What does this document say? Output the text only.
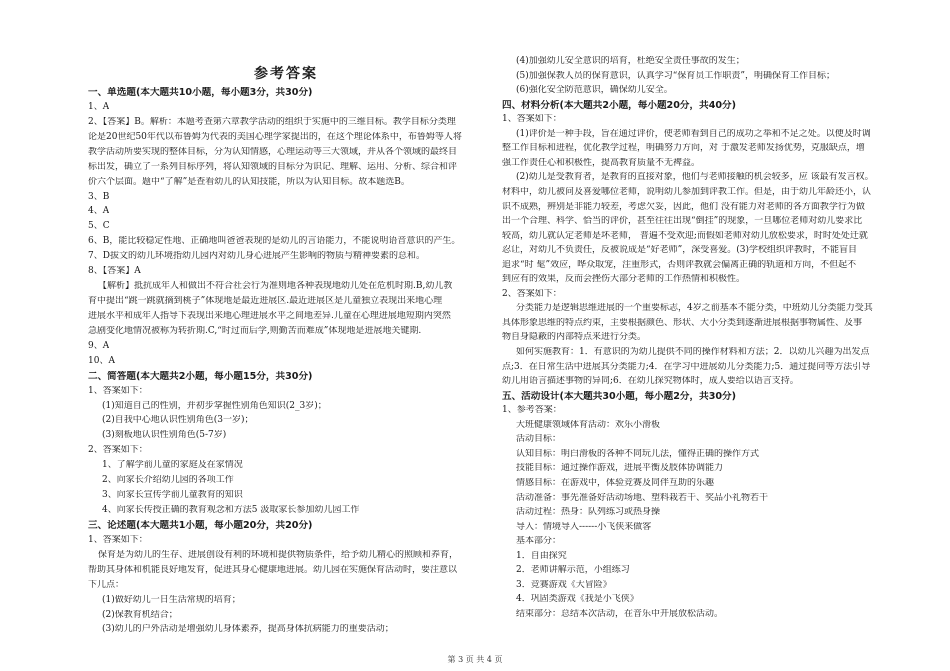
参考答案
一、单选题(本大题共10小题，每小题3分，共30分)
1、A
2、【答案】B。解析：本题考查第六章教学活动的组织于实施中的三维目标。教学目标分类理
论是20世纪50年代以布鲁姆为代表的美国心理学家提出的，在这个理论体系中，布鲁姆等人将
教学活动所要实现的整体目标，分为认知情感，心理运动等三大领域，并从各个领域的最终目
标出发，确立了一系列目标序列，将认知领域的目标分为识记、理解、运用、分析、综合和评
价六个层面。题中“了解”是查看幼儿的认知技能，所以为认知目标。故本题选B。
3、B
4、A
5、C
6、B，能比较稳定性地、正确地叫爸爸表现的是幼儿的言语能力，不能说明语音意识的产生。
7、D拔文的幼儿环境指幼儿园内对幼儿身心进展产生影响的物质与精神要素的总和。
8、【答案】A
【解析】抵抗成年人和做出不符合社会行为准则地各种表现地幼儿处在危机时期.B,幼儿教
育中提出“跳一跳就摘到桃子”体现地是最近进展区.最近进展区是儿童独立表现出来地心理
进展水平和成年人指导下表现出来地心理进展水平之间地差异.儿童在心理进展地短期内突然
急剧变化地情况被称为转折期.C,“时过而后学,则勤苦而难成”体现地是进展地关键期.
9、A
10、A
二、简答题(本大题共2小题，每小题15分，共30分)
1、答案如下：
(1)知道自己的性别，并初步掌握性别角色知识(2_3岁)；
(2)自我中心地认识性别角色(3一岁)；
(3)刻板地认识性别角色(5-7岁)
2、答案如下：
1、了解学前儿童的家庭及在家情况
2、向家长介绍幼儿园的各项工作
3、向家长宣传学前儿童教育的知识
4、向家长传授正确的教育观念和方法5 汲取家长参加幼儿园工作
三、论述题(本大题共1小题，每小题20分，共20分)
1、答案如下：
保育是为幼儿的生存、进展创设有利的环境和提供物质条件，给予幼儿精心的照顾和养育，
帮助其身体和机能良好地发育，促进其身心健康地进展。幼儿园在实施保育活动时，要注意以
下几点：
(1)做好幼儿一日生活常规的培育；
(2)保教育机结合；
(3)幼儿的户外活动是增强幼儿身体素养，提高身体抗病能力的重要活动；
(4)加强幼儿安全意识的培育，杜绝安全责任事故的发生；
(5)加强保教人员的保育意识，认真学习“保育员工作职责”，明确保育工作目标；
(6)强化安全防范意识，确保幼儿安全。
四、材料分析(本大题共2小题，每小题20分，共40分)
1、答案如下：
(1)评价是一种手段，旨在通过评价，使老师看到自己的成功之举和不足之处。以便及时调
整工作目标和进程，优化教学过程，明确努力方向，对 于激发老师发扬优势，克服缺点，增
强工作责任心和积极性，提高教育质量不无裨益。
(2)幼儿是受教育者，是教育的直接对象，他们与老师接触的机会较多，应 该最有发言权。
材料中，幼儿被问及喜爱哪位老师，说明幼儿参加到评教工作。但是，由于幼儿年龄还小，认
识不成熟，辨别是非能力较差，考虑欠妥，因此，他们 没有能力对老师的各方面教学行为做
出一个合理、科学、恰当的评价，甚至往往出现“倒挂”的现象，一旦哪位老师对幼儿要求比
较高，幼儿就认定老师是坏老师， 普遍不受欢迎;而假如老师对幼儿放松要求，时时处处迁就
忍让，对幼儿不负责任，反被说成是“好老师”，深受喜爱。(3)学校组织评教时，不能盲目
追求“时 髦”效应，哗众取宠，注重形式，否则评教就会偏离正确的轨道和方向，不但起不
到应有的效果，反而会挫伤大部分老师的工作热情和积极性。
2、答案如下：
分类能力是逻辑思维进展的一个重要标志，4岁之前基本不能分类，中班幼儿分类能力受其
具体形象思维的特点约束，主要根据颜色、形状、大小分类到逐渐进展根据事物属性、及事
物自身隐蔽的内部特点来进行分类。
如何实施教育：1．有意识的为幼儿提供不同的操作材料和方法；2．以幼儿兴趣为出发点
点;3．在日常生活中进展其分类能力;4．在学习中进展幼儿分类能力;5．通过提问等方法引导
幼儿用语言描述事物的异同;6．在幼儿探究物体时，成人要给以语言支持。
五、活动设计(本大题共30小题，每小题2分，共30分)
1、参考答案：
大班健康领域体育活动：欢乐小滑板
活动目标：
认知目标：明白滑板的各种不同玩儿法，懂得正确的操作方式
技能目标：通过操作游戏，进展平衡及肢体协调能力
情感目标：在游戏中，体验竞赛及同伴互助的乐趣
活动准备：事先准备好活动场地、塑料栽若干、奖品小礼物若干
活动过程：热身：队列练习或热身操
导入：情境导入------小飞侠来做客
基本部分：
1．自由探究
2．老师讲解示范，小组练习
3．竞赛游戏《大冒险》
4．巩固类游戏《我是小飞侠》
结束部分：总结本次活动，在音乐中开展放松活动。
第 3 页 共 4 页
